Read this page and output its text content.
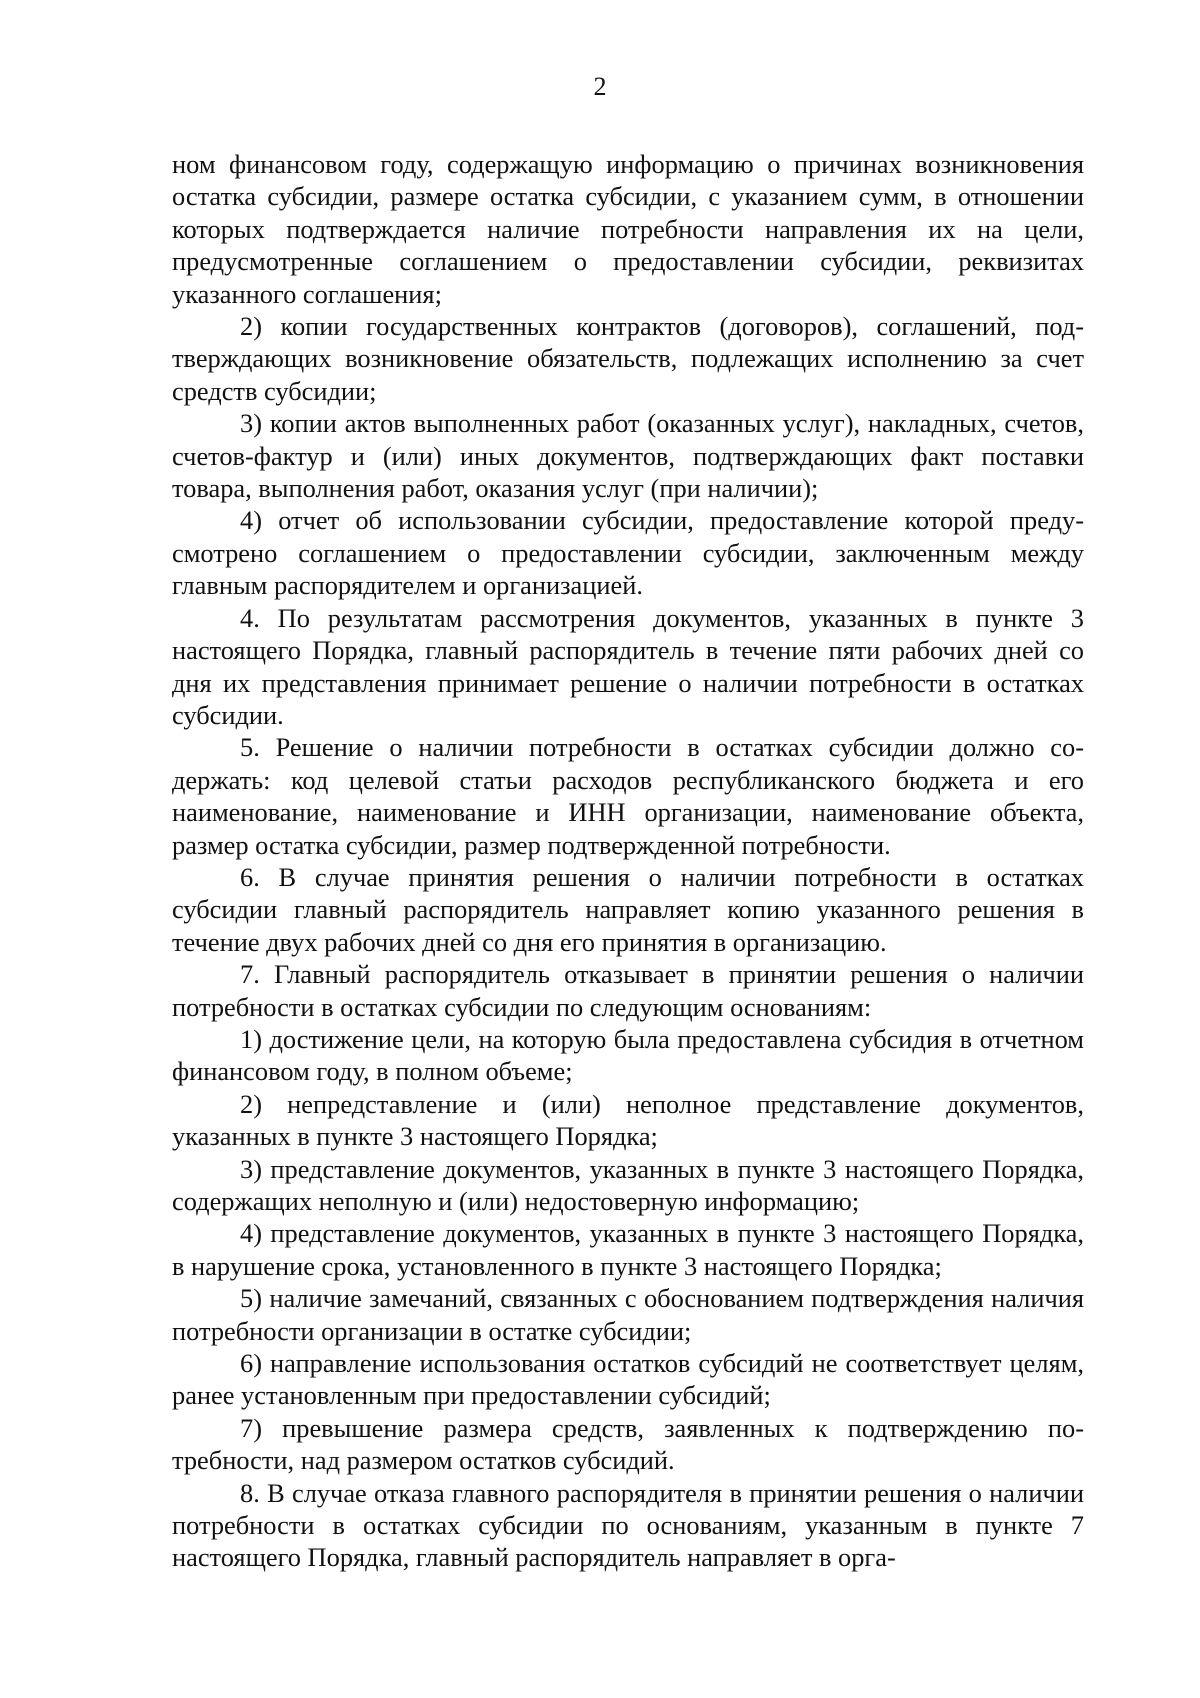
2

ном финансовом году, содержащую информацию о причинах возникновения остатка субсидии, размере остатка субсидии, с указанием сумм, в отношении которых подтверждается наличие потребности направления их на цели, предусмотренные соглашением о предоставлении субсидии, реквизитах указанного соглашения;

2) копии государственных контрактов (договоров), соглашений, подтверждающих возникновение обязательств, подлежащих исполнению за счет средств субсидии;

3) копии актов выполненных работ (оказанных услуг), накладных, счетов, счетов-фактур и (или) иных документов, подтверждающих факт поставки товара, выполнения работ, оказания услуг (при наличии);

4) отчет об использовании субсидии, предоставление которой предусмотрено соглашением о предоставлении субсидии, заключенным между главным распорядителем и организацией.

4. По результатам рассмотрения документов, указанных в пункте 3 настоящего Порядка, главный распорядитель в течение пяти рабочих дней со дня их представления принимает решение о наличии потребности в остатках субсидии.

5. Решение о наличии потребности в остатках субсидии должно содержать: код целевой статьи расходов республиканского бюджета и его наименование, наименование и ИНН организации, наименование объекта, размер остатка субсидии, размер подтвержденной потребности.

6. В случае принятия решения о наличии потребности в остатках субсидии главный распорядитель направляет копию указанного решения в течение двух рабочих дней со дня его принятия в организацию.

7. Главный распорядитель отказывает в принятии решения о наличии потребности в остатках субсидии по следующим основаниям:

1) достижение цели, на которую была предоставлена субсидия в отчетном финансовом году, в полном объеме;

2) непредставление и (или) неполное представление документов, указанных в пункте 3 настоящего Порядка;

3) представление документов, указанных в пункте 3 настоящего Порядка, содержащих неполную и (или) недостоверную информацию;

4) представление документов, указанных в пункте 3 настоящего Порядка, в нарушение срока, установленного в пункте 3 настоящего Порядка;

5) наличие замечаний, связанных с обоснованием подтверждения наличия потребности организации в остатке субсидии;

6) направление использования остатков субсидий не соответствует целям, ранее установленным при предоставлении субсидий;

7) превышение размера средств, заявленных к подтверждению потребности, над размером остатков субсидий.

8. В случае отказа главного распорядителя в принятии решения о наличии потребности в остатках субсидии по основаниям, указанным в пункте 7 настоящего Порядка, главный распорядитель направляет в орга-
